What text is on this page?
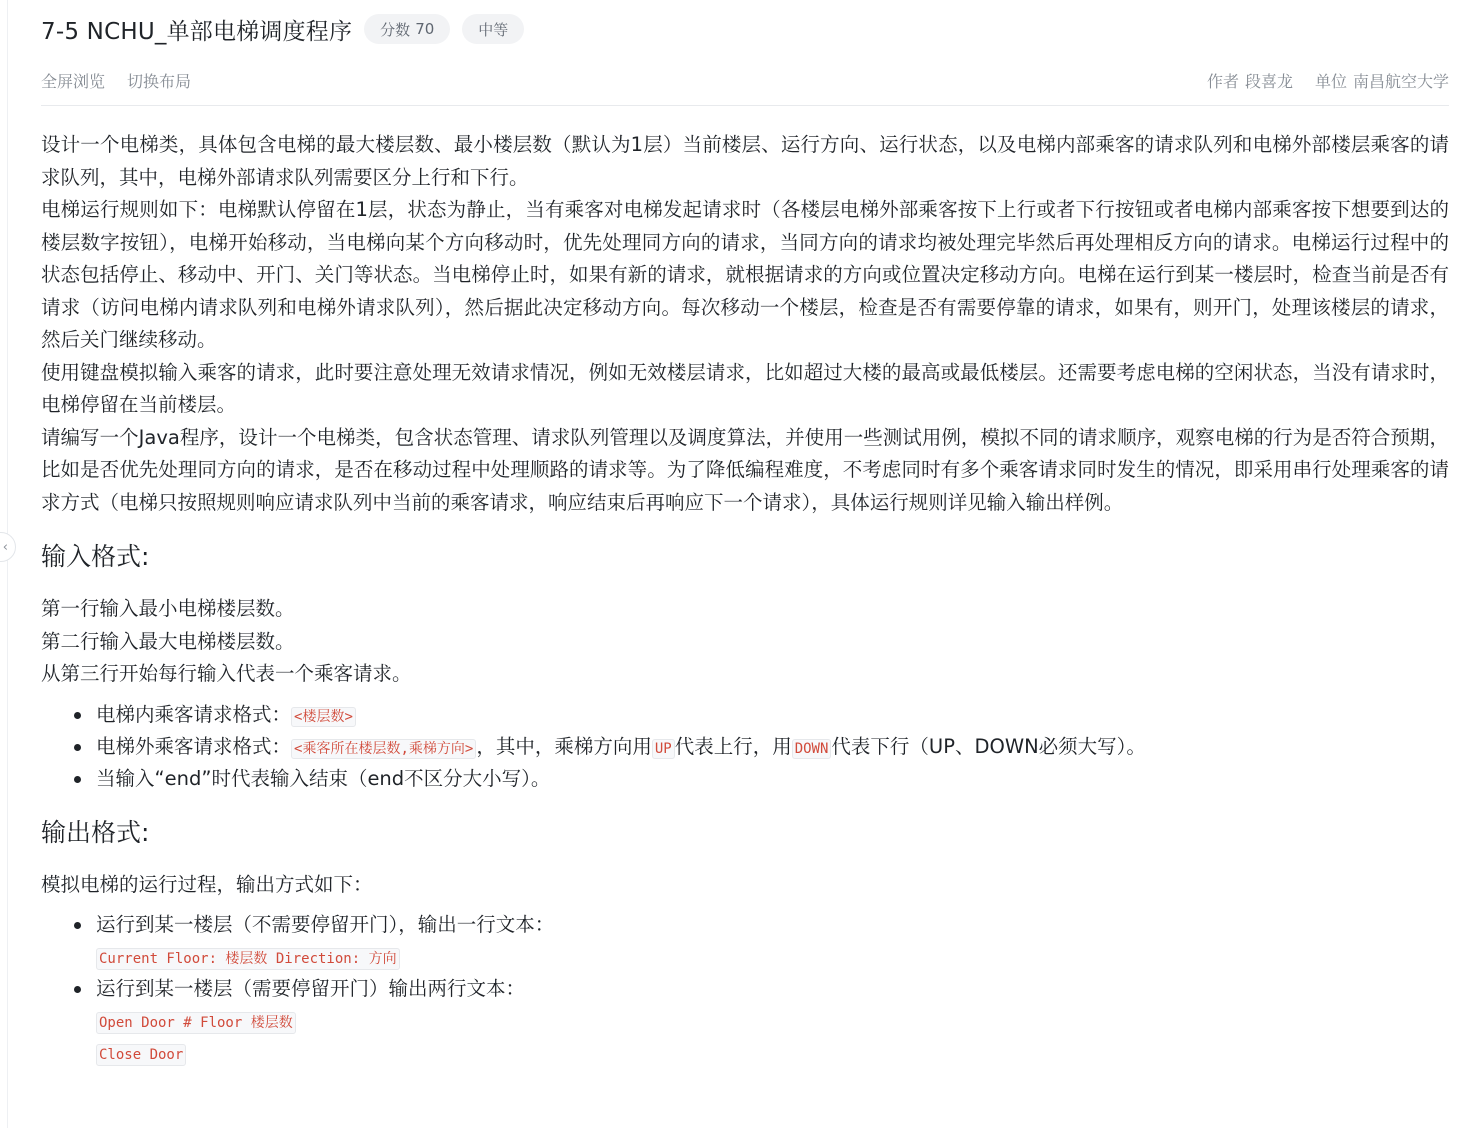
‹
7-5 NCHU_单部电梯调度程序 分数 70	中等
全屏浏览 切换布局	作者 段喜龙 单位 南昌航空大学

设计一个电梯类，具体包含电梯的最大楼层数、最小楼层数（默认为1层）当前楼层、运行方向、运行状态，以及电梯内部乘客的请求队列和电梯外部楼层乘客的请求队列，其中，电梯外部请求队列需要区分上行和下行。

电梯运行规则如下：电梯默认停留在1层，状态为静止，当有乘客对电梯发起请求时（各楼层电梯外部乘客按下上行或者下行按钮或者电梯内部乘客按下想要到达的楼层数字按钮），电梯开始移动，当电梯向某个方向移动时，优先处理同方向的请求，当同方向的请求均被处理完毕然后再处理相反方向的请求。电梯运行过程中的状态包括停止、移动中、开门、关门等状态。当电梯停止时，如果有新的请求，就根据请求的方向或位置决定移动方向。电梯在运行到某一楼层时，检查当前是否有请求（访问电梯内请求队列和电梯外请求队列），然后据此决定移动方向。每次移动一个楼层，检查是否有需要停靠的请求，如果有，则开门，处理该楼层的请求，然后关门继续移动。

使用键盘模拟输入乘客的请求，此时要注意处理无效请求情况，例如无效楼层请求，比如超过大楼的最高或最低楼层。还需要考虑电梯的空闲状态，当没有请求时，电梯停留在当前楼层。

请编写一个Java程序，设计一个电梯类，包含状态管理、请求队列管理以及调度算法，并使用一些测试用例，模拟不同的请求顺序，观察电梯的行为是否符合预期，比如是否优先处理同方向的请求，是否在移动过程中处理顺路的请求等。为了降低编程难度，不考虑同时有多个乘客请求同时发生的情况，即采用串行处理乘客的请求方式（电梯只按照规则响应请求队列中当前的乘客请求，响应结束后再响应下一个请求），具体运行规则详见输入输出样例。

输入格式:

第一行输入最小电梯楼层数。

第二行输入最大电梯楼层数。

从第三行开始每行输入代表一个乘客请求。

电梯内乘客请求格式： <楼层数>
电梯外乘客请求格式： <乘客所在楼层数,乘梯方向> ，其中，乘梯方向用 UP 代表上行，用 DOWN 代表下行（UP、DOWN必须大写）。
当输入“end”时代表输入结束（end不区分大小写）。
输出格式:

模拟电梯的运行过程，输出方式如下：

运行到某一楼层（不需要停留开门），输出一行文本：
Current Floor: 楼层数 Direction: 方向
运行到某一楼层（需要停留开门）输出两行文本：
Open Door # Floor 楼层数
Close Door
